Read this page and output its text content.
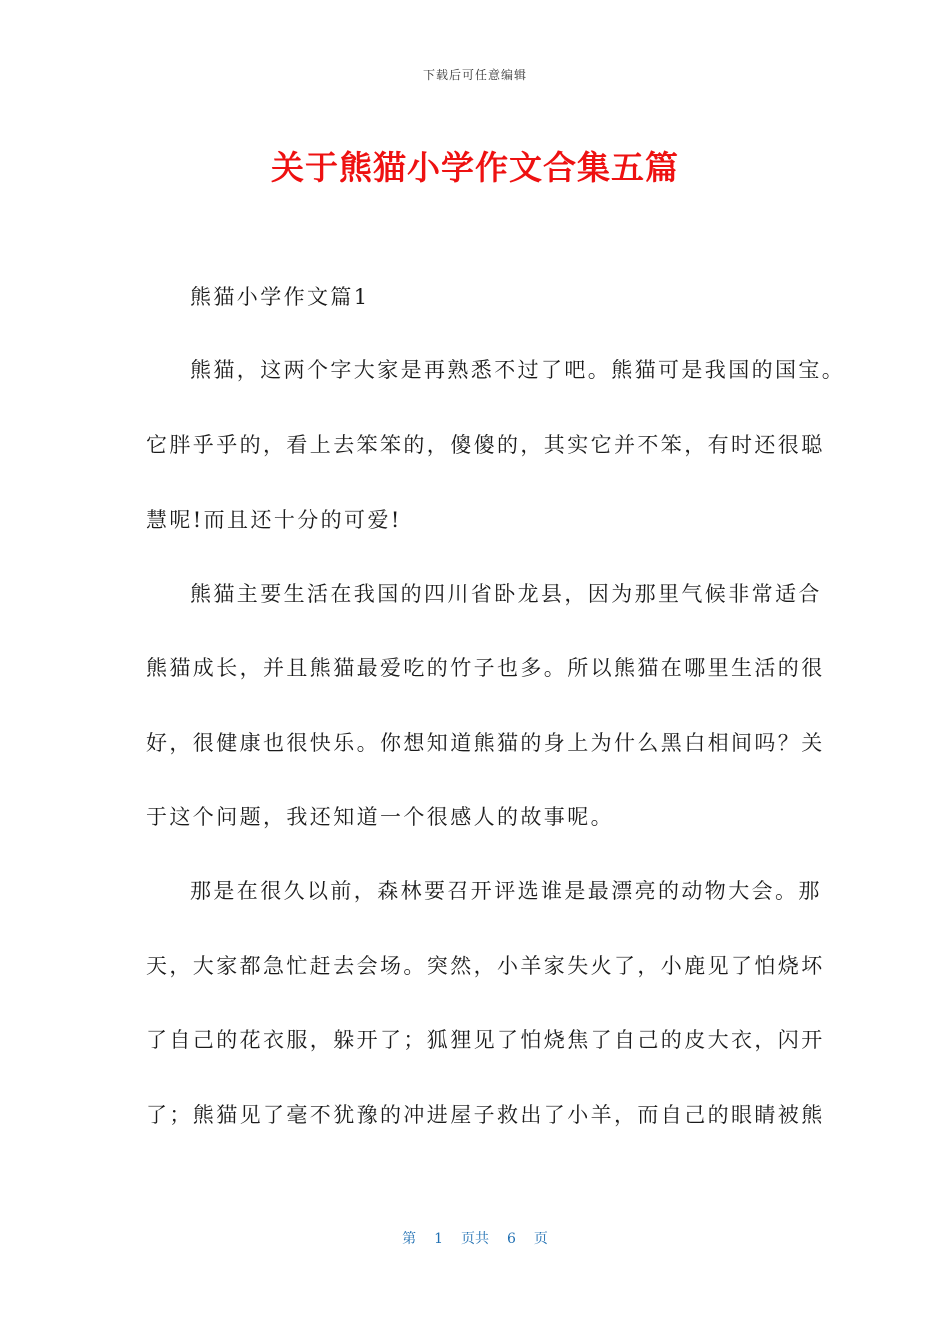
下载后可任意编辑
关于熊猫小学作文合集五篇
熊猫小学作文篇1
熊猫，这两个字大家是再熟悉不过了吧。熊猫可是我国的国宝。
它胖乎乎的，看上去笨笨的，傻傻的，其实它并不笨，有时还很聪
慧呢!而且还十分的可爱!
熊猫主要生活在我国的四川省卧龙县，因为那里气候非常适合
熊猫成长，并且熊猫最爱吃的竹子也多。所以熊猫在哪里生活的很
好，很健康也很快乐。你想知道熊猫的身上为什么黑白相间吗？关
于这个问题，我还知道一个很感人的故事呢。
那是在很久以前，森林要召开评选谁是最漂亮的动物大会。那
天，大家都急忙赶去会场。突然，小羊家失火了，小鹿见了怕烧坏
了自己的花衣服，躲开了；狐狸见了怕烧焦了自己的皮大衣，闪开
了；熊猫见了毫不犹豫的冲进屋子救出了小羊，而自己的眼睛被熊
第 1 页共 6 页
